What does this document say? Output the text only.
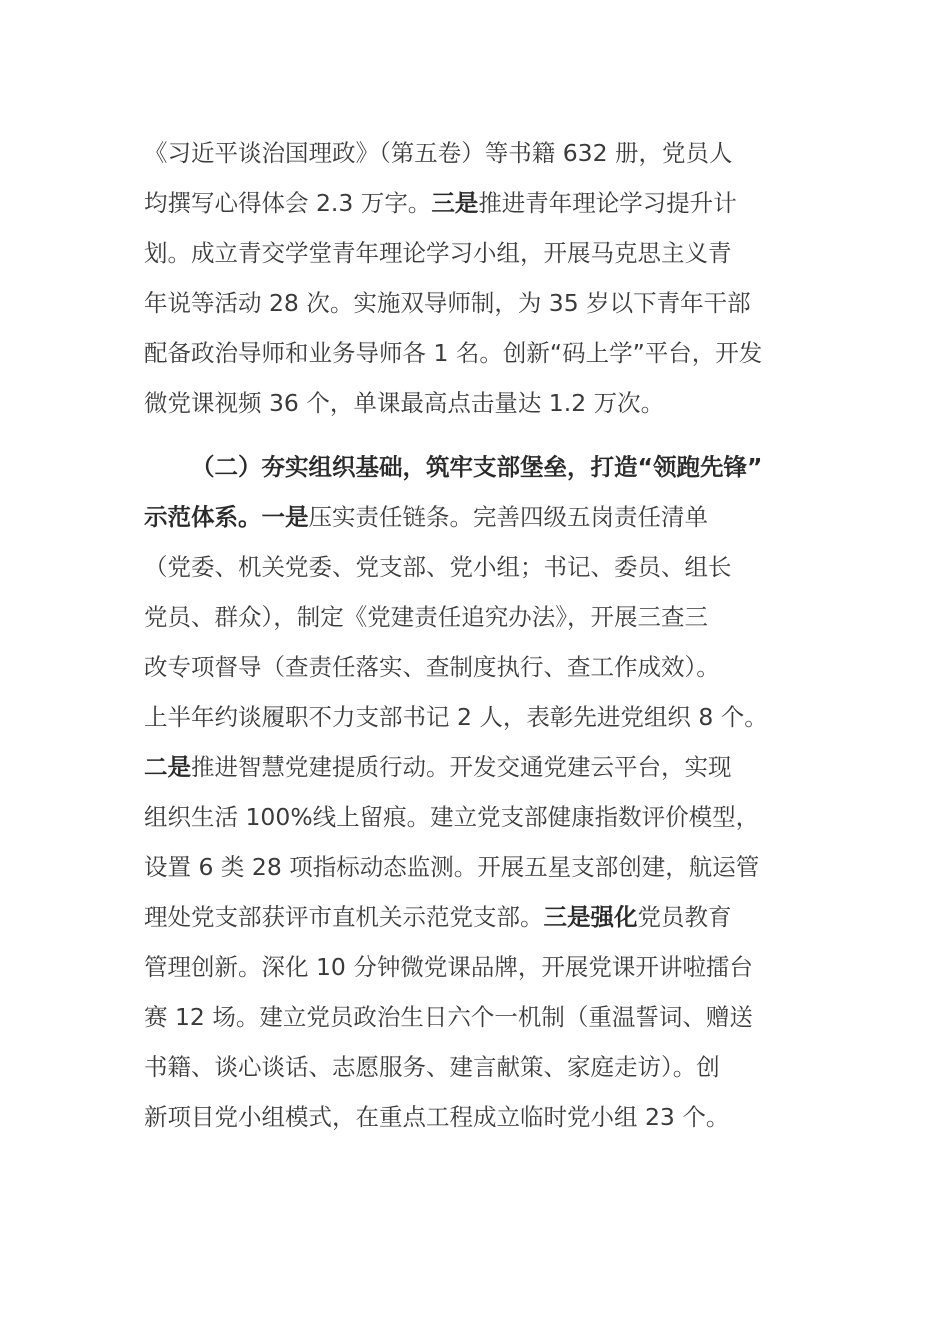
《习近平谈治国理政》（第五卷）等书籍 632 册，党员人
均撰写心得体会 2.3 万字。三是推进青年理论学习提升计
划。成立青交学堂青年理论学习小组，开展马克思主义青
年说等活动 28 次。实施双导师制，为 35 岁以下青年干部
配备政治导师和业务导师各 1 名。创新“码上学”平台，开发
微党课视频 36 个，单课最高点击量达 1.2 万次。
（二）夯实组织基础，筑牢支部堡垒，打造“领跑先锋”
示范体系。一是压实责任链条。完善四级五岗责任清单
（党委、机关党委、党支部、党小组；书记、委员、组长
党员、群众），制定《党建责任追究办法》，开展三查三
改专项督导（查责任落实、查制度执行、查工作成效）。
上半年约谈履职不力支部书记 2 人，表彰先进党组织 8 个。
二是推进智慧党建提质行动。开发交通党建云平台，实现
组织生活 100%线上留痕。建立党支部健康指数评价模型，
设置 6 类 28 项指标动态监测。开展五星支部创建，航运管
理处党支部获评市直机关示范党支部。三是强化党员教育
管理创新。深化 10 分钟微党课品牌，开展党课开讲啦擂台
赛 12 场。建立党员政治生日六个一机制（重温誓词、赠送
书籍、谈心谈话、志愿服务、建言献策、家庭走访）。创
新项目党小组模式，在重点工程成立临时党小组 23 个。
